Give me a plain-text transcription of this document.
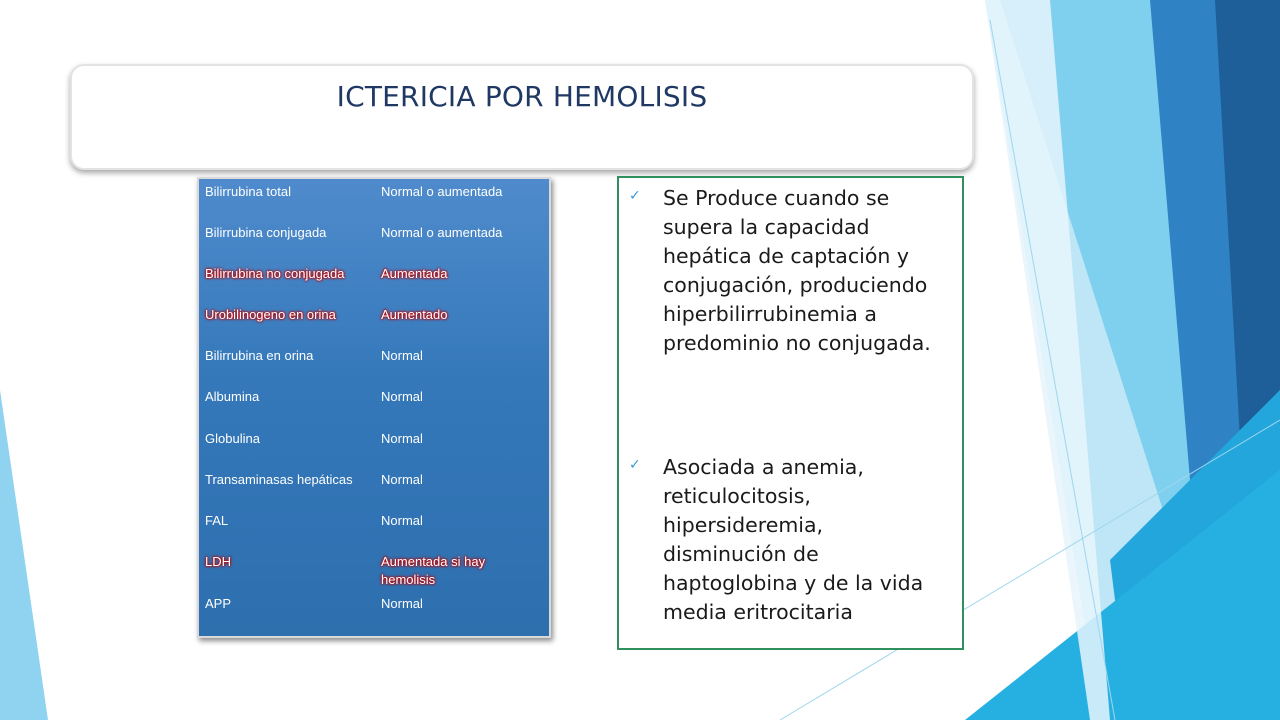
ICTERICIA POR HEMOLISIS
Bilirrubina total	Normal o aumentada
Bilirrubina conjugada	Normal o aumentada
Bilirrubina no conjugada	Aumentada
Urobilinogeno en orina	Aumentado
Bilirrubina en orina	Normal
Albumina	Normal
Globulina	Normal
Transaminasas hepáticas	Normal
FAL	Normal
LDH	Aumentada si hay hemolisis
APP	Normal
✓ Se Produce cuando se
supera la capacidad
hepática de captación y
conjugación, produciendo
hiperbilirrubinemia a
predominio no conjugada.
✓ Asociada a anemia,
reticulocitosis,
hipersideremia,
disminución de
haptoglobina y de la vida
media eritrocitaria
